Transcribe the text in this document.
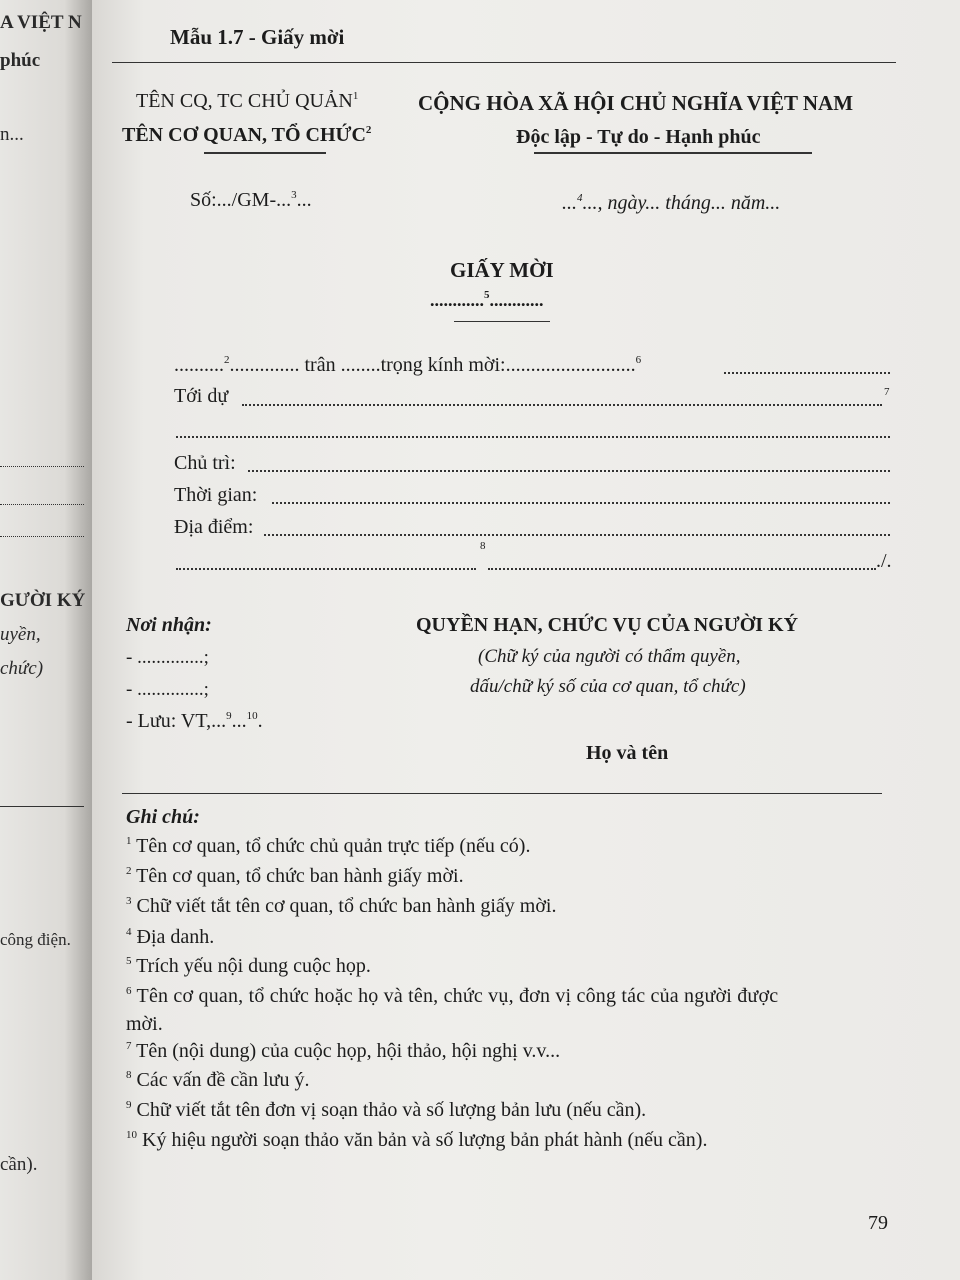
A VIỆT N
phúc
n...
GƯỜI KÝ
uyền,
chức)
công điện.
cần).
Mẫu 1.7 - Giấy mời
TÊN CQ, TC CHỦ QUẢN$^1$
TÊN CƠ QUAN, TỔ CHỨC$^2$
CỘNG HÒA XÃ HỘI CHỦ NGHĨA VIỆT NAM
Độc lập - Tự do - Hạnh phúc
Số:.../GM-...$^3$...	...$^4$..., ngày... tháng... năm...
GIẤY MỜI
............$^5$............
..........$^2$.............. trân ........trọng kính mời:..........................$^6$
Tới dự	7
Chủ trì:
Thời gian:
Địa điểm:
8
./.
Nơi nhận:
- ..............;
- ..............;
- Lưu: VT,...$^9$...$^{10}$.
QUYỀN HẠN, CHỨC VỤ CỦA NGƯỜI KÝ
(Chữ ký của người có thẩm quyền,
dấu/chữ ký số của cơ quan, tổ chức)
Họ và tên
Ghi chú:
$^1$ Tên cơ quan, tổ chức chủ quản trực tiếp (nếu có).
$^2$ Tên cơ quan, tổ chức ban hành giấy mời.
$^3$ Chữ viết tắt tên cơ quan, tổ chức ban hành giấy mời.
$^4$ Địa danh.
$^5$ Trích yếu nội dung cuộc họp.
$^6$ Tên cơ quan, tổ chức hoặc họ và tên, chức vụ, đơn vị công tác của người được
mời.
$^7$ Tên (nội dung) của cuộc họp, hội thảo, hội nghị v.v...
$^8$ Các vấn đề cần lưu ý.
$^9$ Chữ viết tắt tên đơn vị soạn thảo và số lượng bản lưu (nếu cần).
$^{10}$ Ký hiệu người soạn thảo văn bản và số lượng bản phát hành (nếu cần).
79
